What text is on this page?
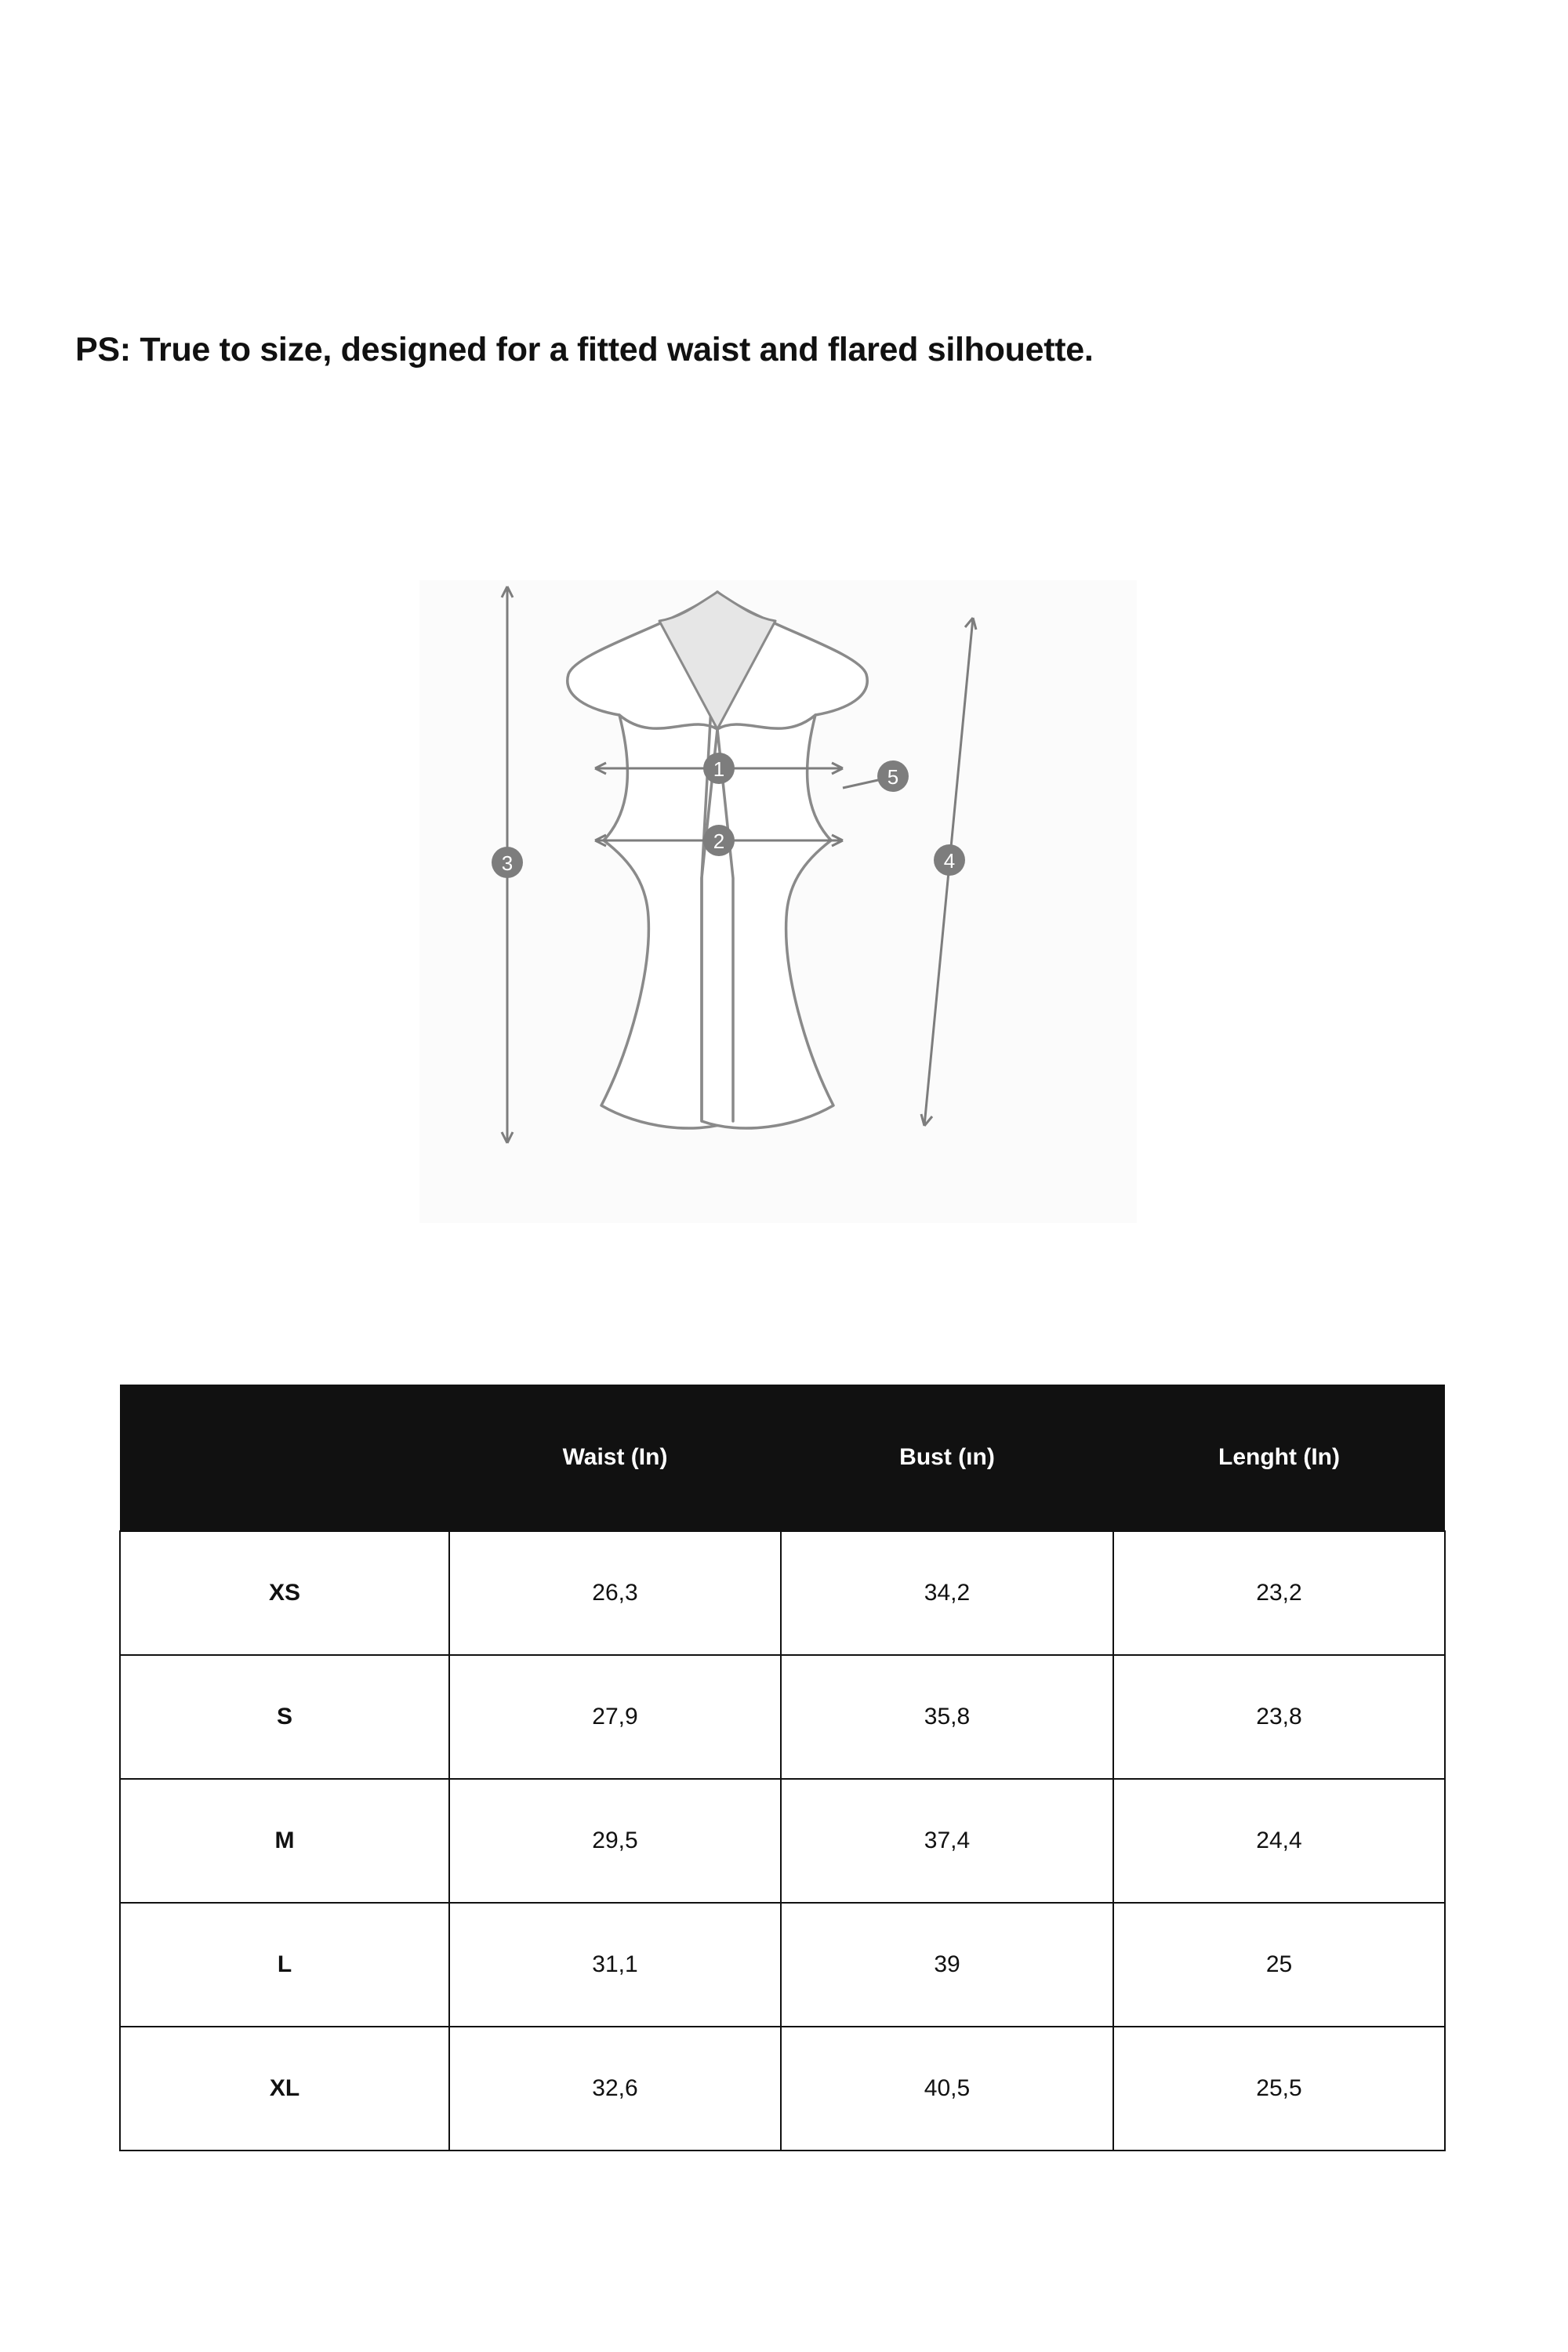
PS: True to size, designed for a fitted waist and flared silhouette.
1
2
3	4
5
	Waist (In)	Bust (ın)	Lenght (In)
XS	26,3	34,2	23,2
S	27,9	35,8	23,8
M	29,5	37,4	24,4
L	31,1	39	25
XL	32,6	40,5	25,5
